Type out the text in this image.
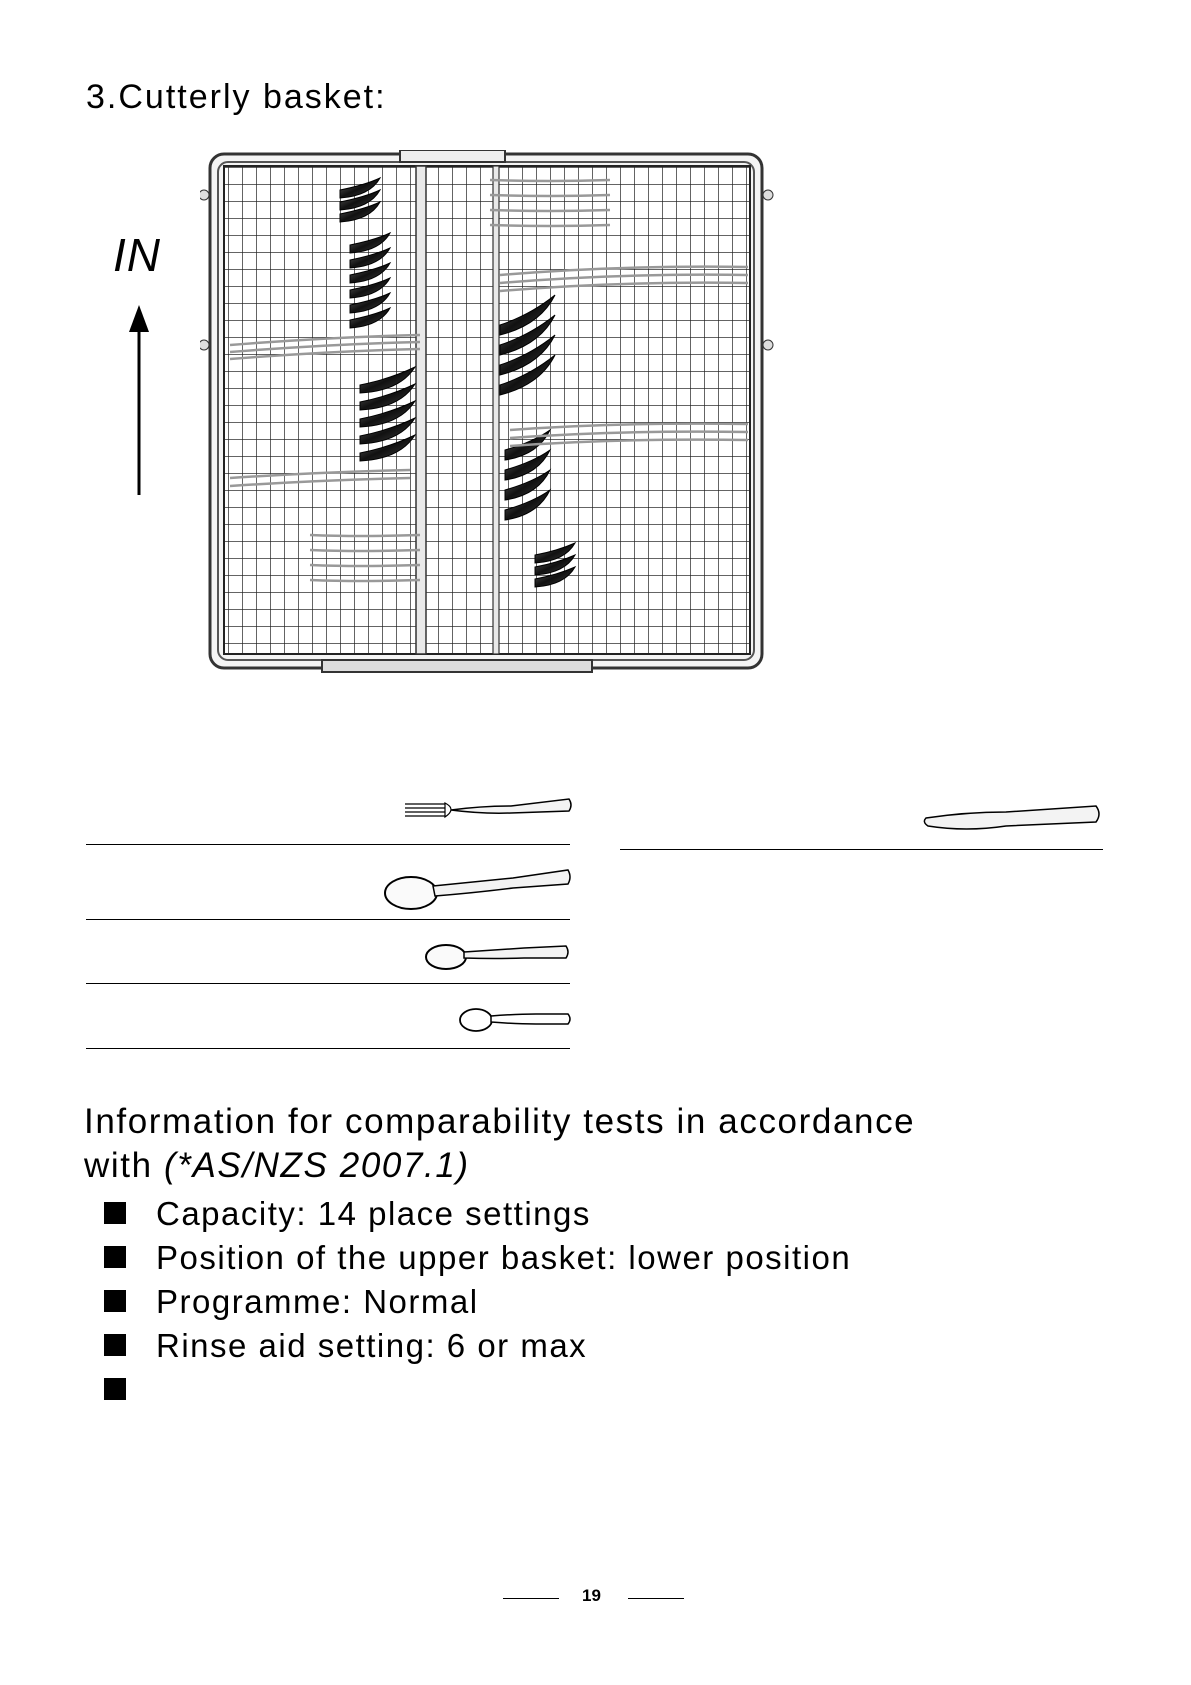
3.Cutterly basket:
IN
Information for comparability tests in accordance
with (*AS/NZS 2007.1)
Capacity: 14 place settings
Position of the upper basket: lower position
Programme: Normal
Rinse aid setting: 6 or max
19
